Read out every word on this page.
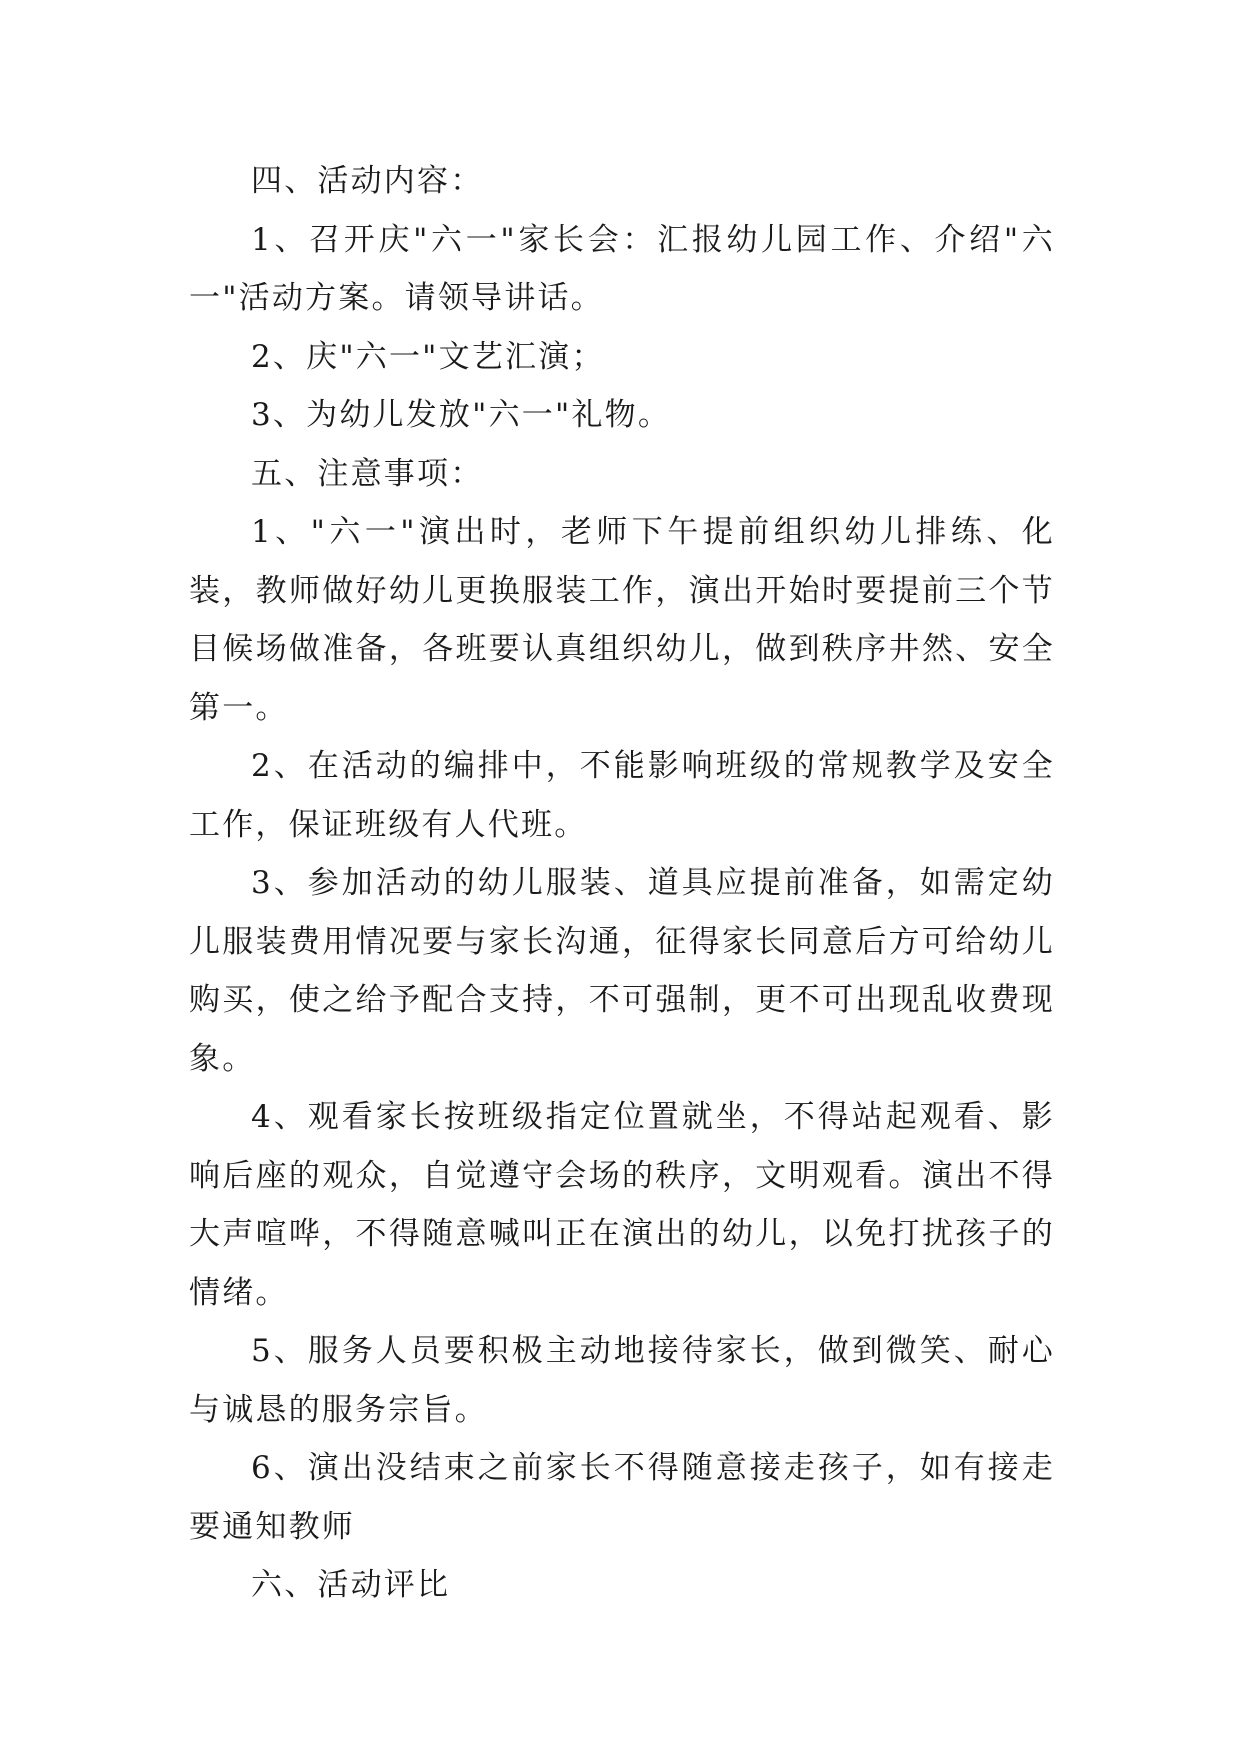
四、活动内容：

1、召开庆"六一"家长会：汇报幼儿园工作、介绍"六一"活动方案。请领导讲话。

2、庆"六一"文艺汇演；

3、为幼儿发放"六一"礼物。

五、注意事项：

1、"六一"演出时，老师下午提前组织幼儿排练、化装，教师做好幼儿更换服装工作，演出开始时要提前三个节目候场做准备，各班要认真组织幼儿，做到秩序井然、安全第一。

2、在活动的编排中，不能影响班级的常规教学及安全工作，保证班级有人代班。

3、参加活动的幼儿服装、道具应提前准备，如需定幼儿服装费用情况要与家长沟通，征得家长同意后方可给幼儿购买，使之给予配合支持，不可强制，更不可出现乱收费现象。

4、观看家长按班级指定位置就坐，不得站起观看、影响后座的观众，自觉遵守会场的秩序，文明观看。演出不得大声喧哗，不得随意喊叫正在演出的幼儿，以免打扰孩子的情绪。

5、服务人员要积极主动地接待家长，做到微笑、耐心与诚恳的服务宗旨。

6、演出没结束之前家长不得随意接走孩子，如有接走要通知教师

六、活动评比
